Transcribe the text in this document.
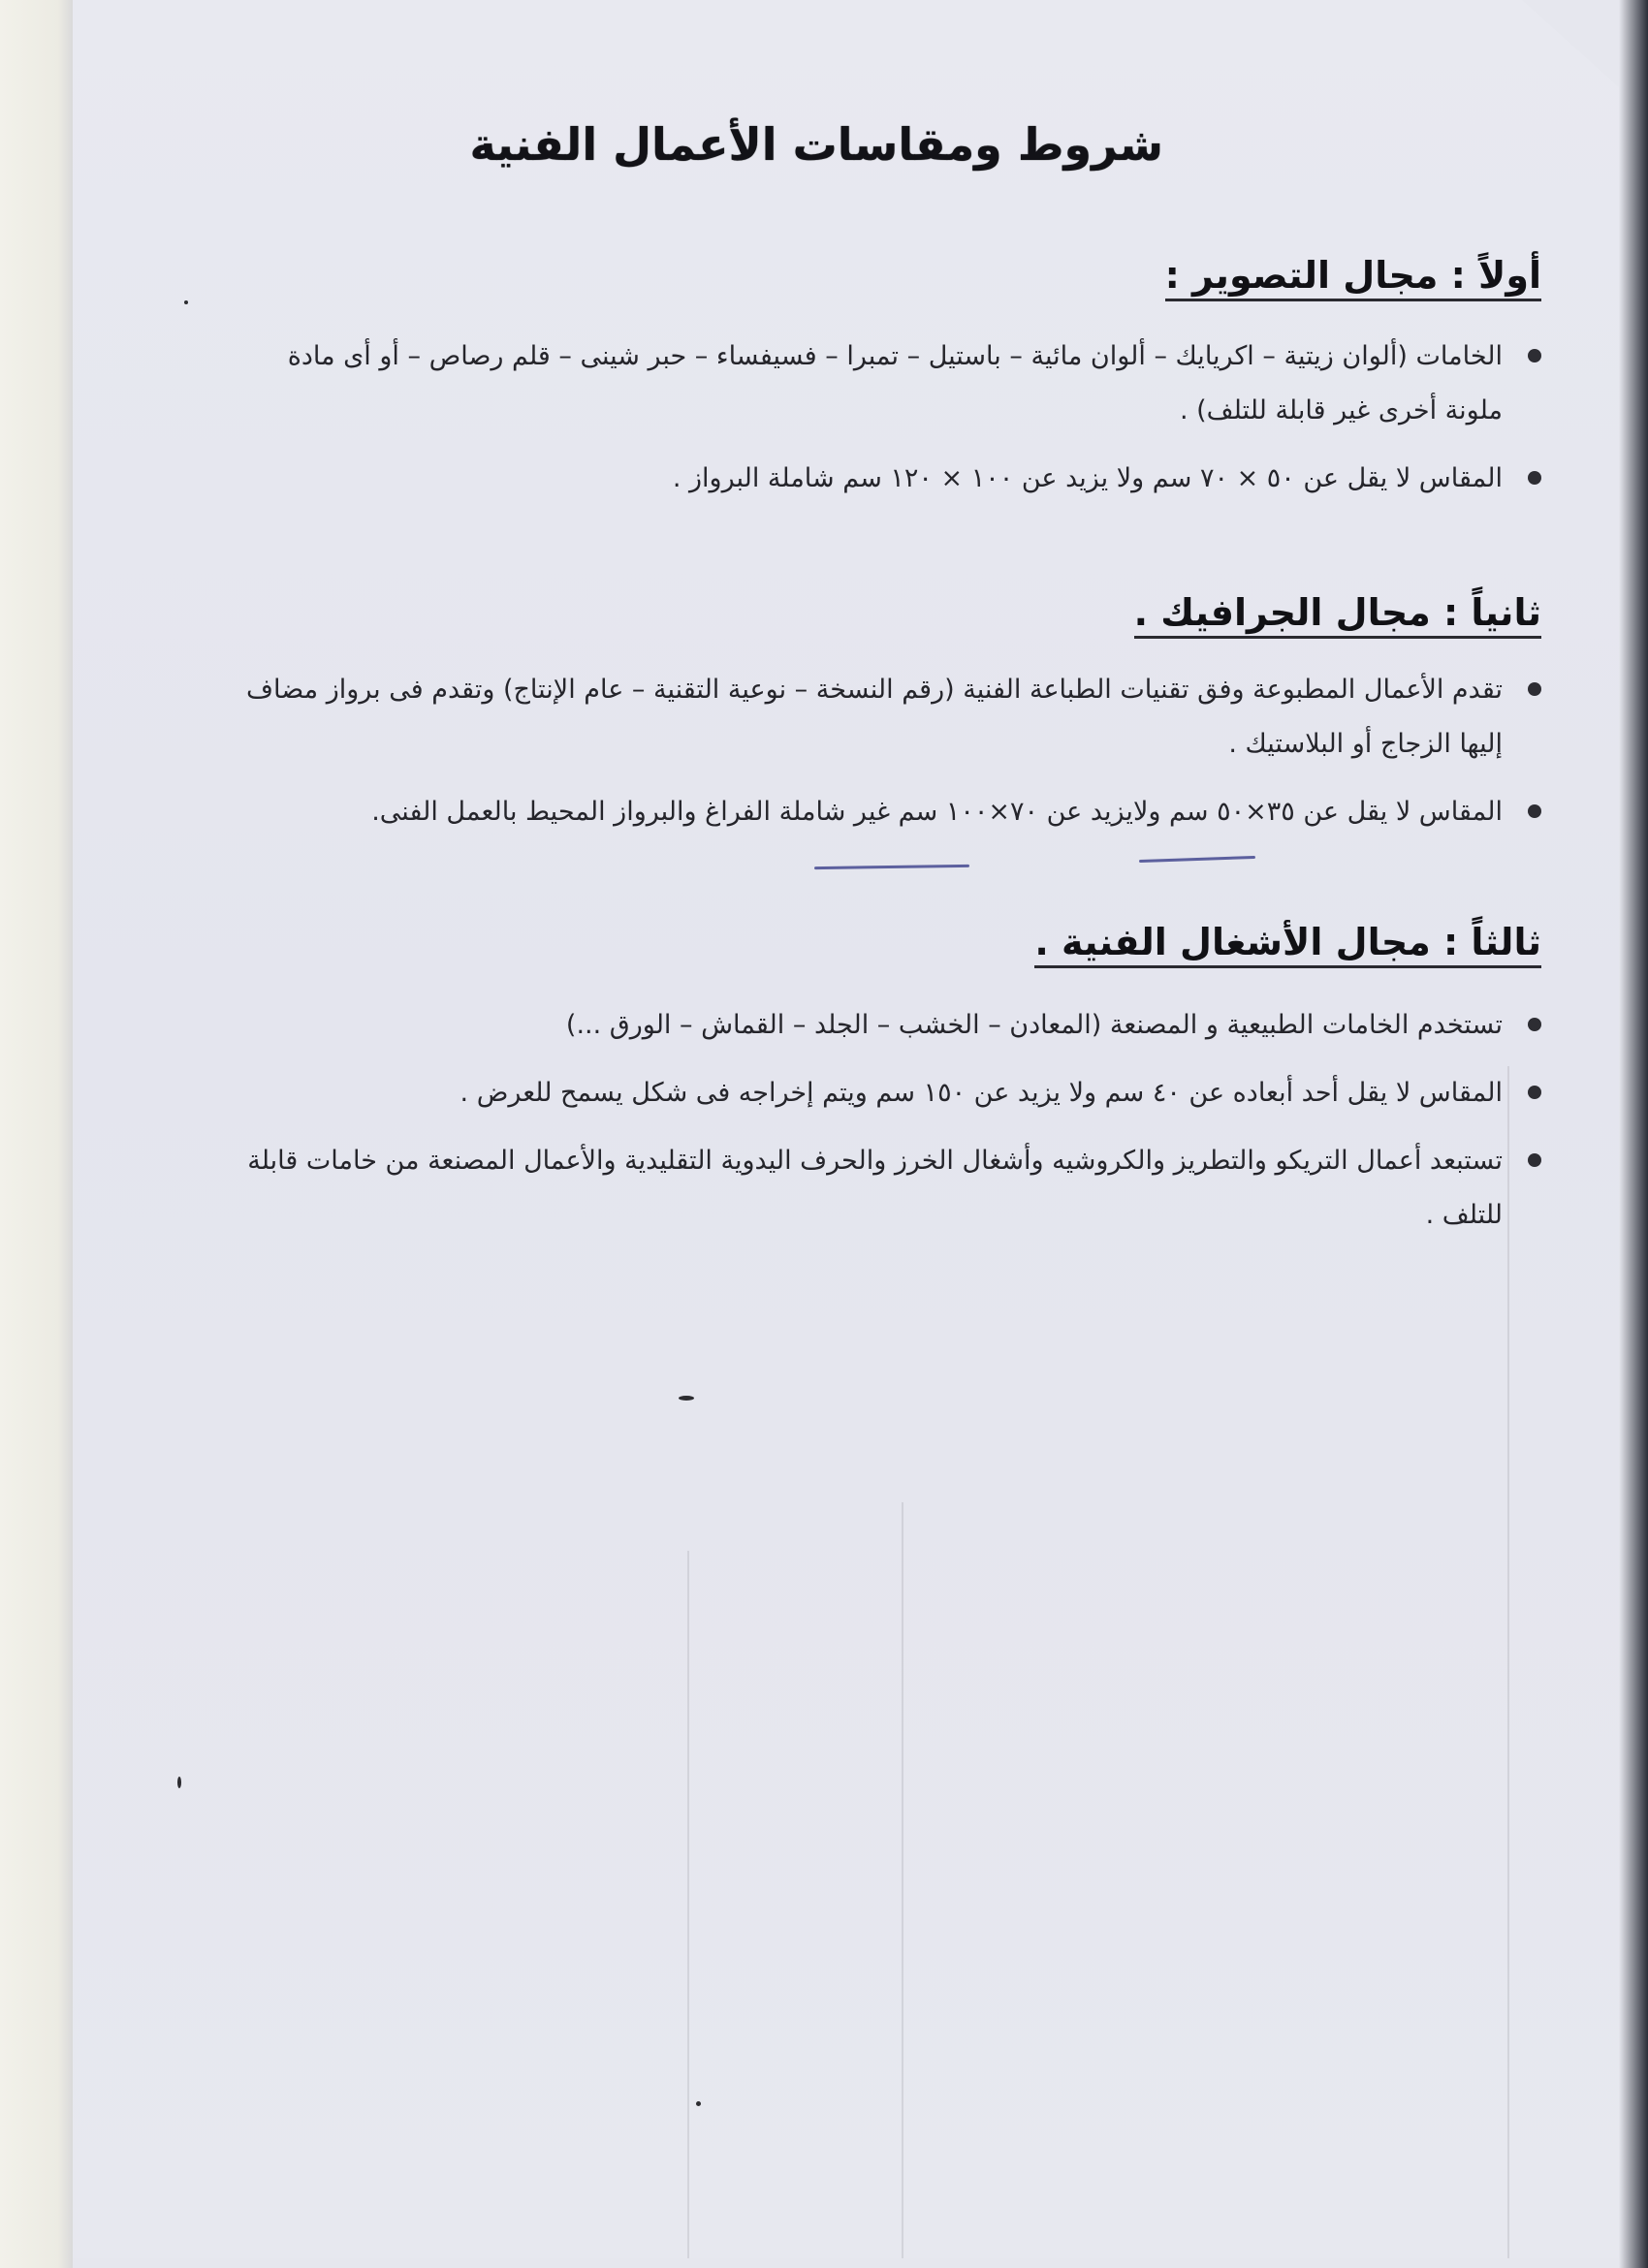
شروط ومقاسات الأعمال الفنية
أولاً : مجال التصوير :
الخامات (ألوان زيتية – اكريايك – ألوان مائية – باستيل – تمبرا – فسيفساء – حبر شينى – قلم رصاص – أو أى مادة ملونة أخرى غير قابلة للتلف) .
المقاس لا يقل عن ٥٠ × ٧٠ سم ولا يزيد عن ١٠٠ × ١٢٠ سم شاملة البرواز .
ثانياً : مجال الجرافيك .
تقدم الأعمال المطبوعة وفق تقنيات الطباعة الفنية (رقم النسخة – نوعية التقنية – عام الإنتاج) وتقدم فى برواز مضاف إليها الزجاج أو البلاستيك .
المقاس لا يقل عن ٣٥×٥٠ سم ولايزيد عن ٧٠×١٠٠ سم غير شاملة الفراغ والبرواز المحيط بالعمل الفنى.
ثالثاً : مجال الأشغال الفنية .
تستخدم الخامات الطبيعية و المصنعة (المعادن – الخشب – الجلد – القماش – الورق ...)
المقاس لا يقل أحد أبعاده عن ٤٠ سم ولا يزيد عن ١٥٠ سم ويتم إخراجه فى شكل يسمح للعرض .
تستبعد أعمال التريكو والتطريز والكروشيه وأشغال الخرز والحرف اليدوية التقليدية والأعمال المصنعة من خامات قابلة للتلف .
